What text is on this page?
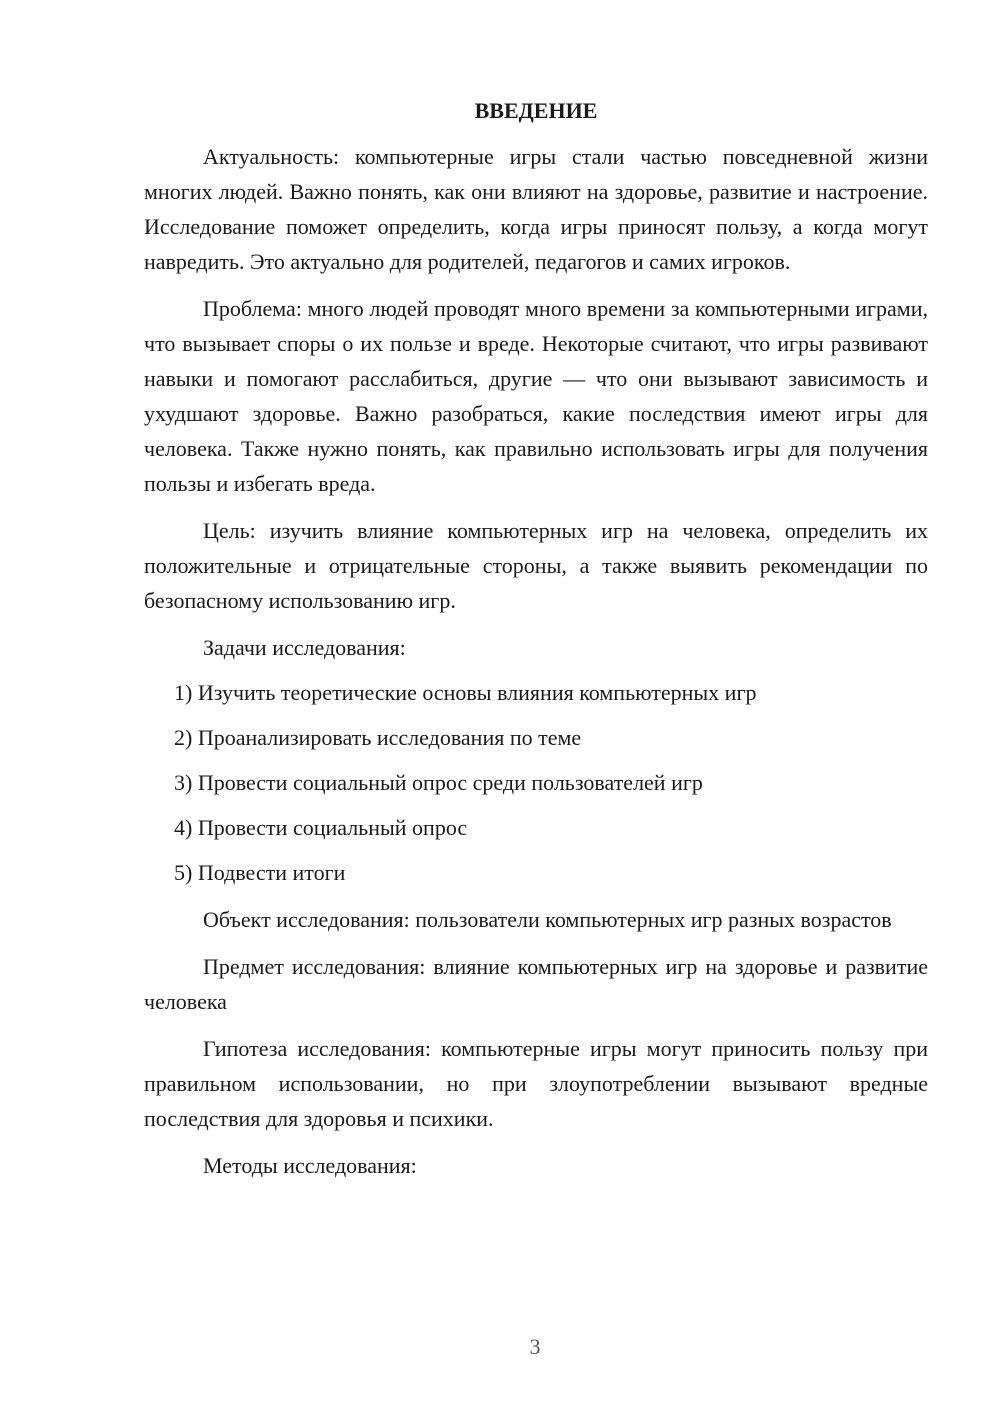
ВВЕДЕНИЕ

Актуальность: компьютерные игры стали частью повседневной жизни многих людей. Важно понять, как они влияют на здоровье, развитие и настроение. Исследование поможет определить, когда игры приносят пользу, а когда могут навредить. Это актуально для родителей, педагогов и самих игроков.

Проблема: много людей проводят много времени за компьютерными играми, что вызывает споры о их пользе и вреде. Некоторые считают, что игры развивают навыки и помогают расслабиться, другие — что они вызывают зависимость и ухудшают здоровье. Важно разобраться, какие последствия имеют игры для человека. Также нужно понять, как правильно использовать игры для получения пользы и избегать вреда.

Цель: изучить влияние компьютерных игр на человека, определить их положительные и отрицательные стороны, а также выявить рекомендации по безопасному использованию игр.

Задачи исследования:

1) Изучить теоретические основы влияния компьютерных игр
2) Проанализировать исследования по теме
3) Провести социальный опрос среди пользователей игр
4) Провести социальный опрос
5) Подвести итоги

Объект исследования: пользователи компьютерных игр разных возрастов

Предмет исследования: влияние компьютерных игр на здоровье и развитие человека

Гипотеза исследования: компьютерные игры могут приносить пользу при правильном использовании, но при злоупотреблении вызывают вредные последствия для здоровья и психики.

Методы исследования:

3
